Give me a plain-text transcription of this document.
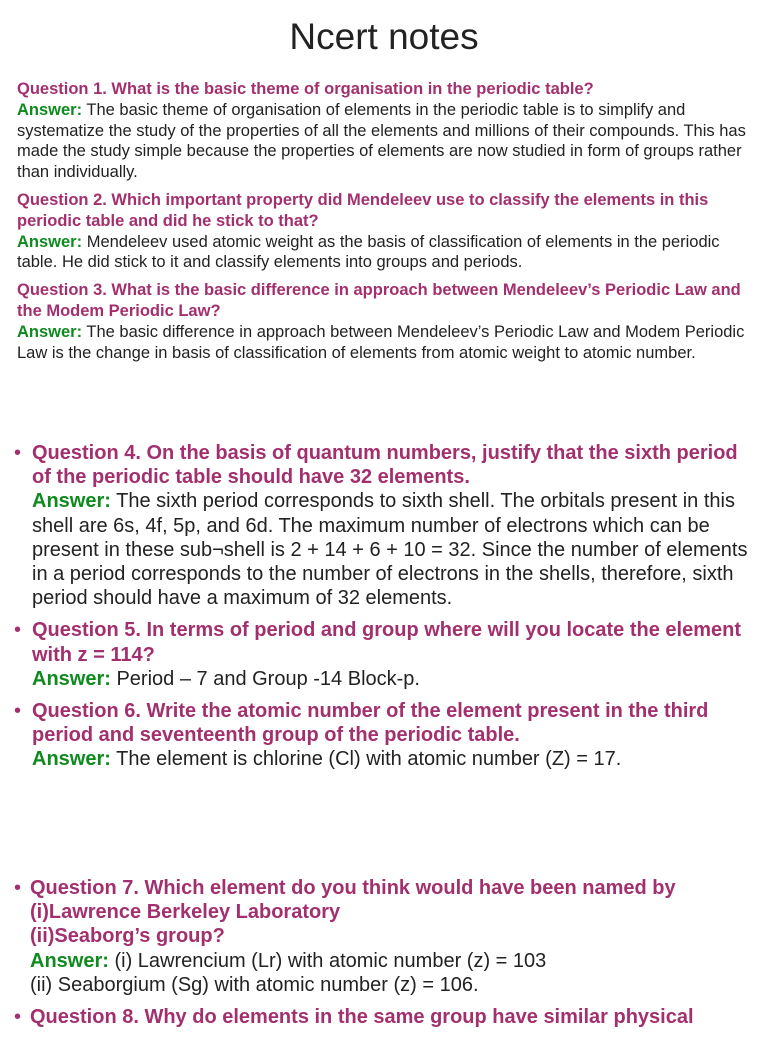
Ncert notes
Question 1. What is the basic theme of organisation in the periodic table?
Answer: The basic theme of organisation of elements in the periodic table is to simplify and systematize the study of the properties of all the elements and millions of their compounds. This has made the study simple because the properties of elements are now studied in form of groups rather than individually.
Question 2. Which important property did Mendeleev use to classify the elements in this periodic table and did he stick to that?
Answer: Mendeleev used atomic weight as the basis of classification of elements in the periodic table. He did stick to it and classify elements into groups and periods.
Question 3. What is the basic difference in approach between Mendeleev’s Periodic Law and the Modem Periodic Law?
Answer: The basic difference in approach between Mendeleev’s Periodic Law and Modem Periodic Law is the change in basis of classification of elements from atomic weight to atomic number.
• Question 4. On the basis of quantum numbers, justify that the sixth period of the periodic table should have 32 elements.
Answer: The sixth period corresponds to sixth shell. The orbitals present in this shell are 6s, 4f, 5p, and 6d. The maximum number of electrons which can be present in these sub¬shell is 2 + 14 + 6 + 10 = 32. Since the number of elements in a period corresponds to the number of electrons in the shells, therefore, sixth period should have a maximum of 32 elements.
• Question 5. In terms of period and group where will you locate the element with z = 114?
Answer: Period – 7 and Group -14 Block-p.
• Question 6. Write the atomic number of the element present in the third period and seventeenth group of the periodic table.
Answer: The element is chlorine (Cl) with atomic number (Z) = 17.
• Question 7. Which element do you think would have been named by
(i)Lawrence Berkeley Laboratory
(ii)Seaborg’s group?
Answer: (i) Lawrencium (Lr) with atomic number (z) = 103
(ii) Seaborgium (Sg) with atomic number (z) = 106.
• Question 8. Why do elements in the same group have similar physical
